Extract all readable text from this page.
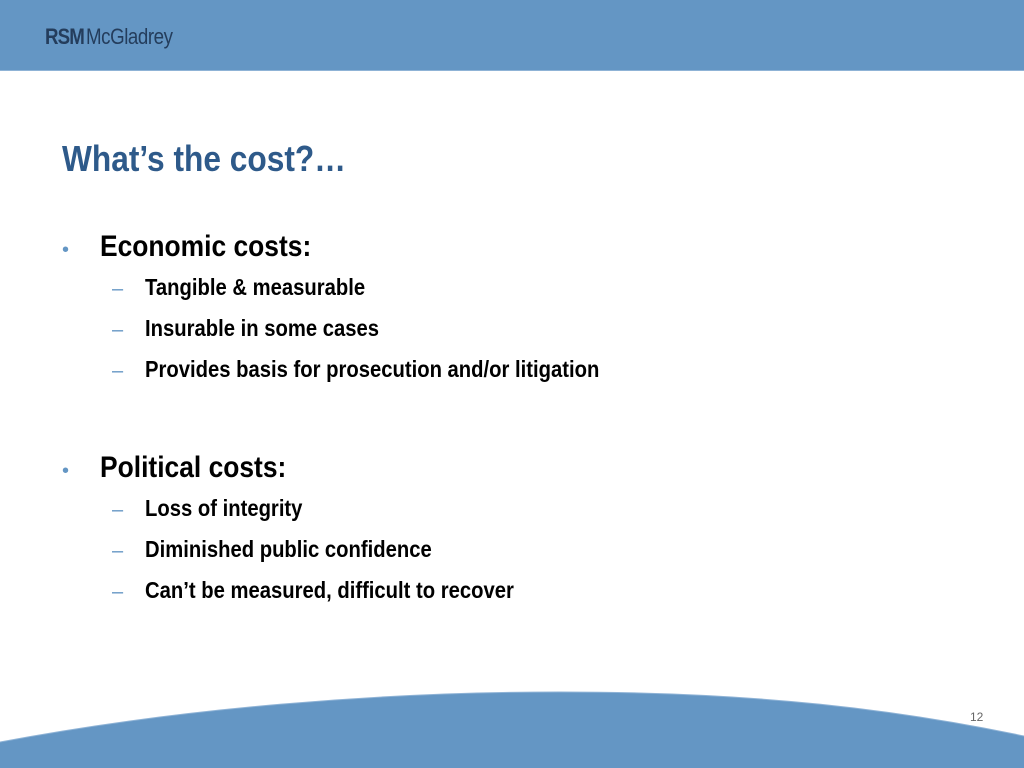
RSM McGladrey
What’s the cost?…
•	Economic costs:
– Tangible & measurable
– Insurable in some cases
– Provides basis for prosecution and/or litigation
•	Political costs:
– Loss of integrity
– Diminished public confidence
– Can’t be measured, difficult to recover
12
